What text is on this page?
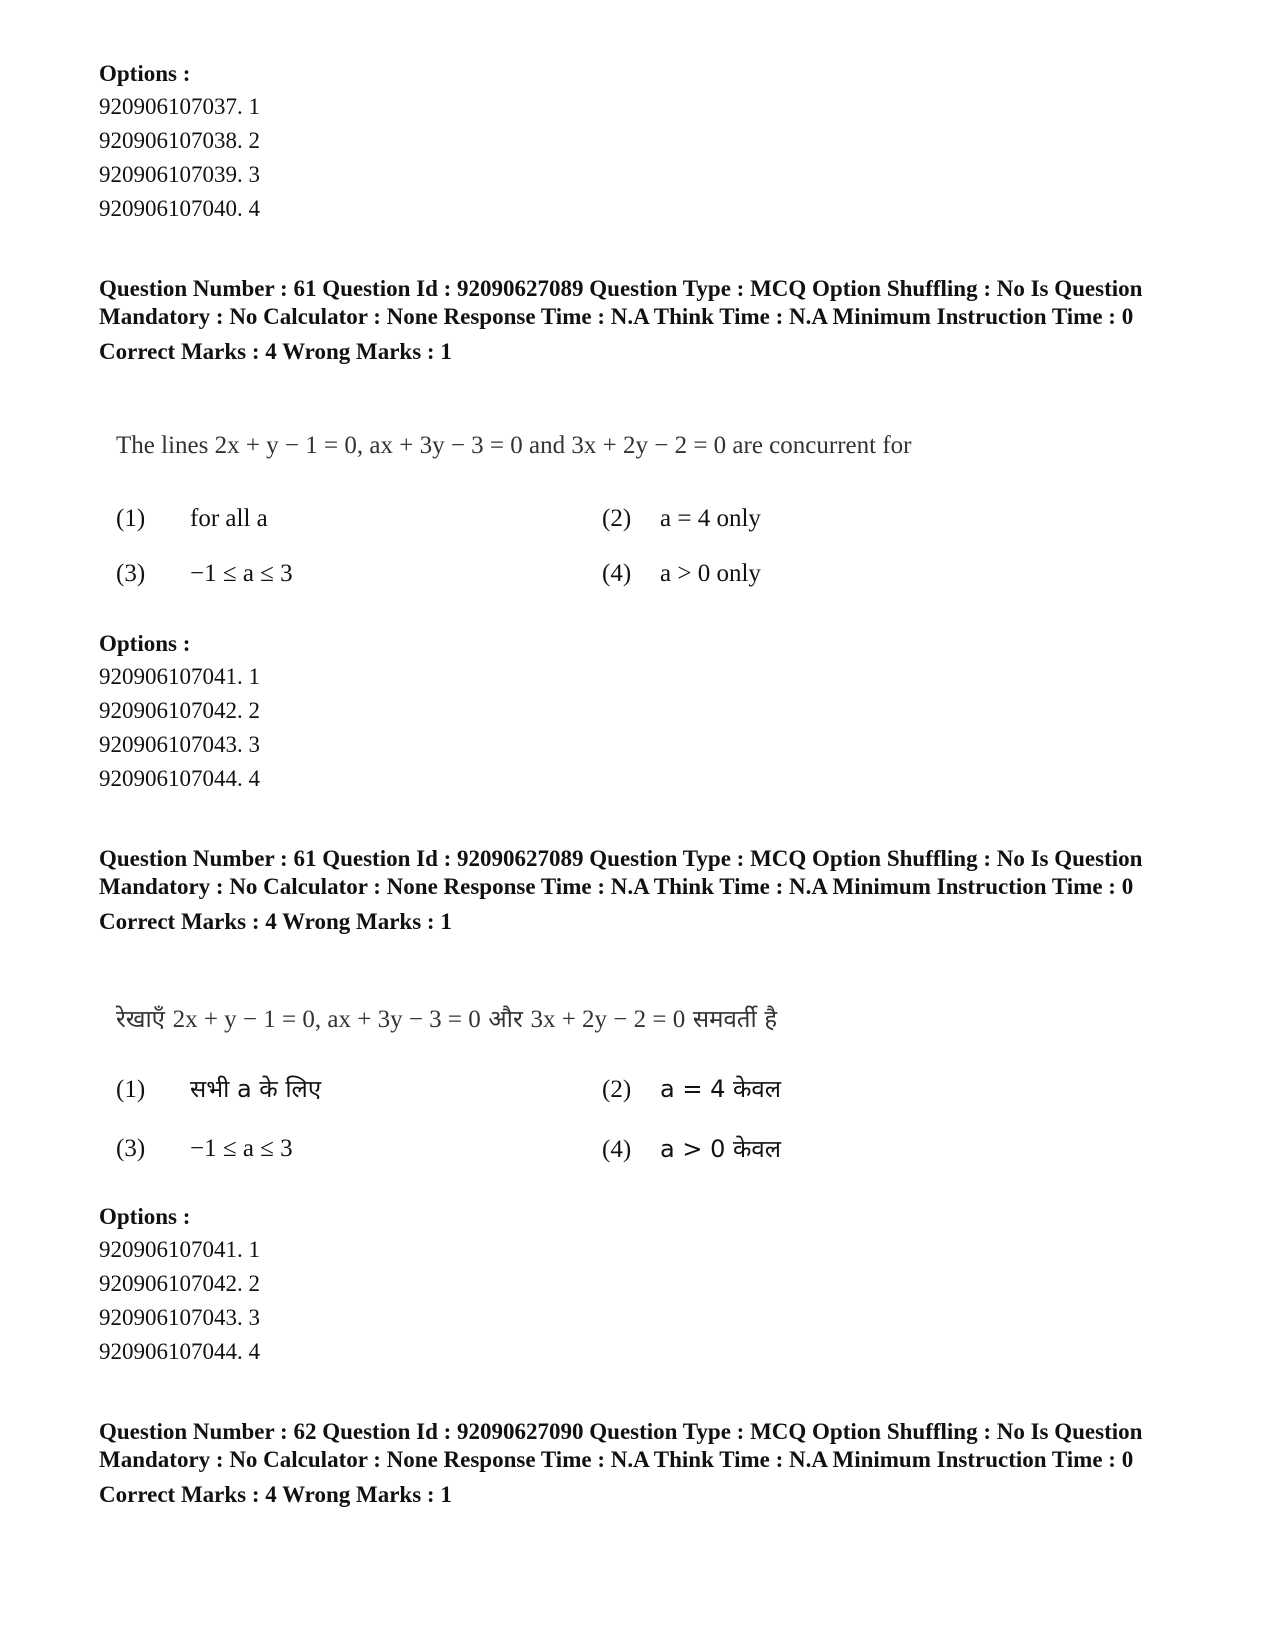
Options :
920906107037. 1
920906107038. 2
920906107039. 3
920906107040. 4
Question Number : 61 Question Id : 92090627089 Question Type : MCQ Option Shuffling : No Is Question Mandatory : No Calculator : None Response Time : N.A Think Time : N.A Minimum Instruction Time : 0
Correct Marks : 4 Wrong Marks : 1
The lines 2x + y − 1 = 0, ax + 3y − 3 = 0 and 3x + 2y − 2 = 0 are concurrent for
(1) for all a	(2) a = 4 only
(3) −1 ≤ a ≤ 3	(4) a > 0 only
Options :
920906107041. 1
920906107042. 2
920906107043. 3
920906107044. 4
Question Number : 61 Question Id : 92090627089 Question Type : MCQ Option Shuffling : No Is Question Mandatory : No Calculator : None Response Time : N.A Think Time : N.A Minimum Instruction Time : 0
Correct Marks : 4 Wrong Marks : 1
रेखाएँ 2x + y − 1 = 0, ax + 3y − 3 = 0 और 3x + 2y − 2 = 0 समवर्ती है
(1) सभी a के लिए	(2) a = 4 केवल
(3) −1 ≤ a ≤ 3	(4) a > 0 केवल
Options :
920906107041. 1
920906107042. 2
920906107043. 3
920906107044. 4
Question Number : 62 Question Id : 92090627090 Question Type : MCQ Option Shuffling : No Is Question Mandatory : No Calculator : None Response Time : N.A Think Time : N.A Minimum Instruction Time : 0
Correct Marks : 4 Wrong Marks : 1
